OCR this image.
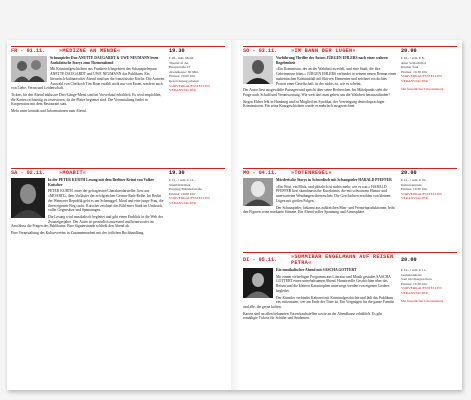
FR - 01.11.	»MEDIZNE AN MENDE«	19.30

Schauspieler Duo ANETTE DAUGARDT & UWE NEUMANN lesen Anekdotische Storys zum Themenabend

Mit Kriminalgeschichten aus Frankreich begeistert das Schauspielerpaar ANETTE DAUGARDT und UWE NEUMANN das Publikum. Ein literarisch-kulinarischer Abend rund um die französische Küche. Die Autoren Auswahl von Chefkoch Tim Raue erzählt nicht nur von Essen, sondern auch von Liebe, Verrat und Leidenschaft.

Tickets für den Abend inklusive Drei-Gänge-Menü sind im Vorverkauf erhältlich. Es wird empfohlen, die Karten rechtzeitig zu reservieren, da die Plätze begrenzt sind. Die Veranstaltung findet in Kooperation mit dem Restaurant statt.

Mehr unter kontakt und Informationen zum Abend.

€ 28,- inkl. Menü
Theater in der
Hauptstraße 13
Abendkasse: 30 Min.
Einlass: 19.00 Uhr
Reservierung erbeten
VORVERKAUFSSTELLEN
VERANSTALTER
SA - 02.11.	»MOABIT«	19.30

In der PETER KURTH Lesung mit dem Berliner Krimi von Volker Kutscher

PETER KURTH, einer der gefragtesten Charakterdarsteller, liest aus »MOABIT«, dem Vorläufer der erfolgreichen Gereon-Rath-Reihe. Im Berlin der Weimarer Republik geht es um Schmuggel, Mord und eine junge Frau, die ihren eigenen Weg sucht. Kutscher zeichnet das Bild einer Stadt im Umbruch, voller Gegensätze und Spannungen.

Die Lesung wird musikalisch begleitet und gibt einen Einblick in die Welt der Zwanzigerjahre. Der Autor ist persönlich anwesend und beantwortet im Anschluss die Fragen des Publikums. Eine Signierstunde schließt den Abend ab.

Eine Veranstaltung des Kulturvereins in Zusammenarbeit mit der örtlichen Buchhandlung.

€ 15,- / erm. € 12,-
Stadtbibliothek
Eingang Bahnhofstraße
Einlass: 19.00 Uhr
VORVERKAUFSSTELLEN
VERANSTALTER
SO - 03.11.	»IM BANN DER LÜGEN«	20.00

Vorführung Thriller des Autors JÜRGEN EHLERS nach einer wahren Begebenheit

»Ein Kommissar, der an der Wahrheit zweifelt, und eine Stadt, die ihre Geheimnisse hütet.« JÜRGEN EHLERS verbindet in seinem neuen Roman einen authentischen Kriminalfall mit fiktiven Elementen und zeichnet ein dichtes Porträt einer Gesellschaft, in der nichts ist, wie es scheint.

Der Autor liest ausgewählte Passagen und spricht über seine Recherchen. Im Mittelpunkt steht die Frage nach Schuld und Verantwortung. Wie weit darf man gehen, um die Wahrheit herauszufinden?

Jürgen Ehlers lebt in Hamburg und ist Mitglied im Syndikat, der Vereinigung deutschsprachiger Krimiautoren. Für seine Kurzgeschichten wurde er mehrfach ausgezeichnet.

€ 10,- / erm. € 8,-
Alter Schlachthof
Kleiner Saal
Einlass: 19.30 Uhr
VORVERKAUFSSTELLEN
VERANSTALTER
Mit freundlicher Unterstützung
MO - 04.11.	»TOTENREGEL«	20.00

Mörderische Storys in Schwedisch mit Schauspieler HARALD PFEFFER

»Ein Wort, ein Blick, und plötzlich ist nichts mehr, wie es war.« HARALD PFEFFER liest skandinavische Kurzkrimis, die mit schwarzem Humor und unerwarteten Wendungen überraschen. Die Geschichten erzählen von kleinen Lügen mit großen Folgen.

Der Schauspieler, bekannt aus zahlreichen Film- und Fernsehproduktionen, leiht den Figuren seine markante Stimme. Ein Abend voller Spannung und Atmosphäre.

€ 12,- / erm. € 10,-
Kulturzentrum
Einlass: 19.30 Uhr
VORVERKAUFSSTELLEN
VERANSTALTER
DI - 05.11.	»SUMMIBAR ENGELMANN AUF REISEN PETRA«	20.00

Ein musikalischer Abend mit SASCHA GOTTERT

Mit einem vielseitigen Programm aus Literatur und Musik gestaltet SASCHA GOTTERT einen unterhaltsamen Abend. Humorvolle Geschichten über das Reisen und die kleinen Katastrophen unterwegs werden von eigenen Liedern begleitet.

Der Künstler verbindet Kabarett mit Kriminalgeschichte und lädt das Publikum ein, mitzuraten, wer am Ende der Täter ist. Ein Vergnügen für die ganze Familie und alle, die gerne lachen.

Karten sind an allen bekannten Vorverkaufsstellen sowie an der Abendkasse erhältlich. Es gibt ermäßigte Tickets für Schüler und Studenten.

€ 14,- / erm. € 11,-
Gemeindehaus
Saal im Obergeschoss
Einlass: 19.30 Uhr
VORVERKAUFSSTELLEN
VERANSTALTER
Mit freundlicher Unterstützung
